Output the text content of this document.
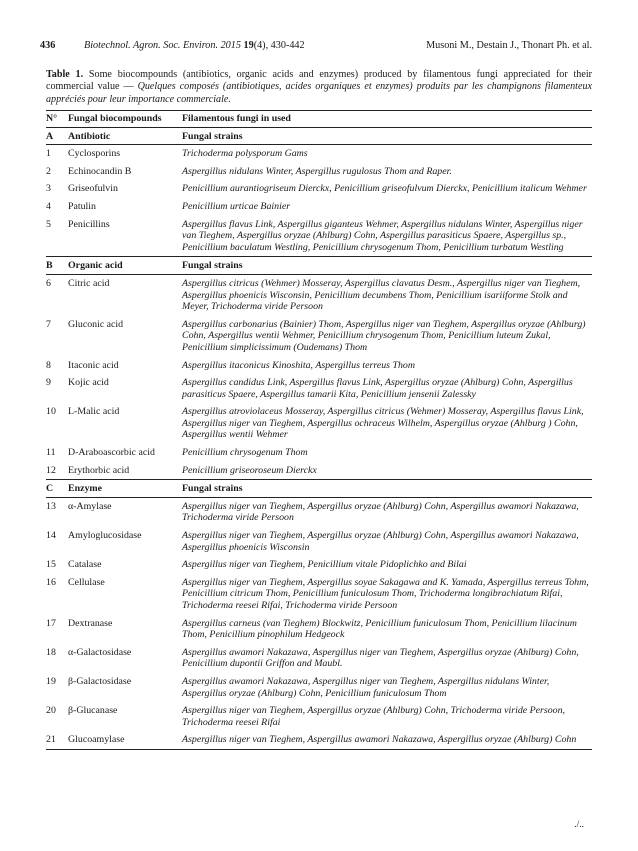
436	Biotechnol. Agron. Soc. Environ. 2015 19(4), 430-442	Musoni M., Destain J., Thonart Ph. et al.
Table 1. Some biocompounds (antibiotics, organic acids and enzymes) produced by filamentous fungi appreciated for their commercial value — Quelques composés (antibiotiques, acides organiques et enzymes) produits par les champignons filamenteux appréciés pour leur importance commerciale.
N°	Fungal biocompounds	Filamentous fungi in used
A	Antibiotic	Fungal strains
1	Cyclosporins	Trichoderma polysporum Gams
2	Echinocandin B	Aspergillus nidulans Winter, Aspergillus rugulosus Thom and Raper.
3	Griseofulvin	Penicillium aurantiogriseum Dierckx, Penicillium griseofulvum Dierckx, Penicillium italicum Wehmer
4	Patulin	Penicillium urticae Bainier
5	Penicillins	Aspergillus flavus Link, Aspergillus giganteus Wehmer, Aspergillus nidulans Winter, Aspergillus niger van Tieghem, Aspergillus oryzae (Ahlburg) Cohn, Aspergillus parasiticus Spaere, Aspergillus sp., Penicillium baculatum Westling, Penicillium chrysogenum Thom, Penicillium turbatum Westling
B	Organic acid	Fungal strains
6	Citric acid	Aspergillus citricus (Wehmer) Mosseray, Aspergillus clavatus Desm., Aspergillus niger van Tieghem, Aspergillus phoenicis Wisconsin, Penicillium decumbens Thom, Penicillium isariiforme Stolk and Meyer, Trichoderma viride Persoon
7	Gluconic acid	Aspergillus carbonarius (Bainier) Thom, Aspergillus niger van Tieghem, Aspergillus oryzae (Ahlburg) Cohn, Aspergillus wentii Wehmer, Penicillium chrysogenum Thom, Penicillium luteum Zukal, Penicillium simplicissimum (Oudemans) Thom
8	Itaconic acid	Aspergillus itaconicus Kinoshita, Aspergillus terreus Thom
9	Kojic acid	Aspergillus candidus Link, Aspergillus flavus Link, Aspergillus oryzae (Ahlburg) Cohn, Aspergillus parasiticus Spaere, Aspergillus tamarii Kita, Penicillium jensenii Zalessky
10	L-Malic acid	Aspergillus atroviolaceus Mosseray, Aspergillus citricus (Wehmer) Mosseray, Aspergillus flavus Link, Aspergillus niger van Tieghem, Aspergillus ochraceus Wilhelm, Aspergillus oryzae (Ahlburg ) Cohn, Aspergillus wentii Wehmer
11	D-Araboascorbic acid	Penicillium chrysogenum Thom
12	Erythorbic acid	Penicillium griseoroseum Dierckx
C	Enzyme	Fungal strains
13	α-Amylase	Aspergillus niger van Tieghem, Aspergillus oryzae (Ahlburg) Cohn, Aspergillus awamori Nakazawa, Trichoderma viride Persoon
14	Amyloglucosidase	Aspergillus niger van Tieghem, Aspergillus oryzae (Ahlburg) Cohn, Aspergillus awamori Nakazawa, Aspergillus phoenicis Wisconsin
15	Catalase	Aspergillus niger van Tieghem, Penicillium vitale Pidoplichko and Bilai
16	Cellulase	Aspergillus niger van Tieghem, Aspergillus soyae Sakagawa and K. Yamada, Aspergillus terreus Tohm, Penicillium citricum Thom, Penicillium funiculosum Thom, Trichoderma longibrachiatum Rifai, Trichoderma reesei Rifai, Trichoderma viride Persoon
17	Dextranase	Aspergillus carneus (van Tieghem) Blockwitz, Penicillium funiculosum Thom, Penicillium lilacinum Thom, Penicillium pinophilum Hedgeock
18	α-Galactosidase	Aspergillus awamori Nakazawa, Aspergillus niger van Tieghem, Aspergillus oryzae (Ahlburg) Cohn, Penicillium dupontii Griffon and Maubl.
19	β-Galactosidase	Aspergillus awamori Nakazawa, Aspergillus niger van Tieghem, Aspergillus nidulans Winter, Aspergillus oryzae (Ahlburg) Cohn, Penicillium funiculosum Thom
20	β-Glucanase	Aspergillus niger van Tieghem, Aspergillus oryzae (Ahlburg) Cohn, Trichoderma viride Persoon, Trichoderma reesei Rifai
21	Glucoamylase	Aspergillus niger van Tieghem, Aspergillus awamori Nakazawa, Aspergillus oryzae (Ahlburg) Cohn
./..
